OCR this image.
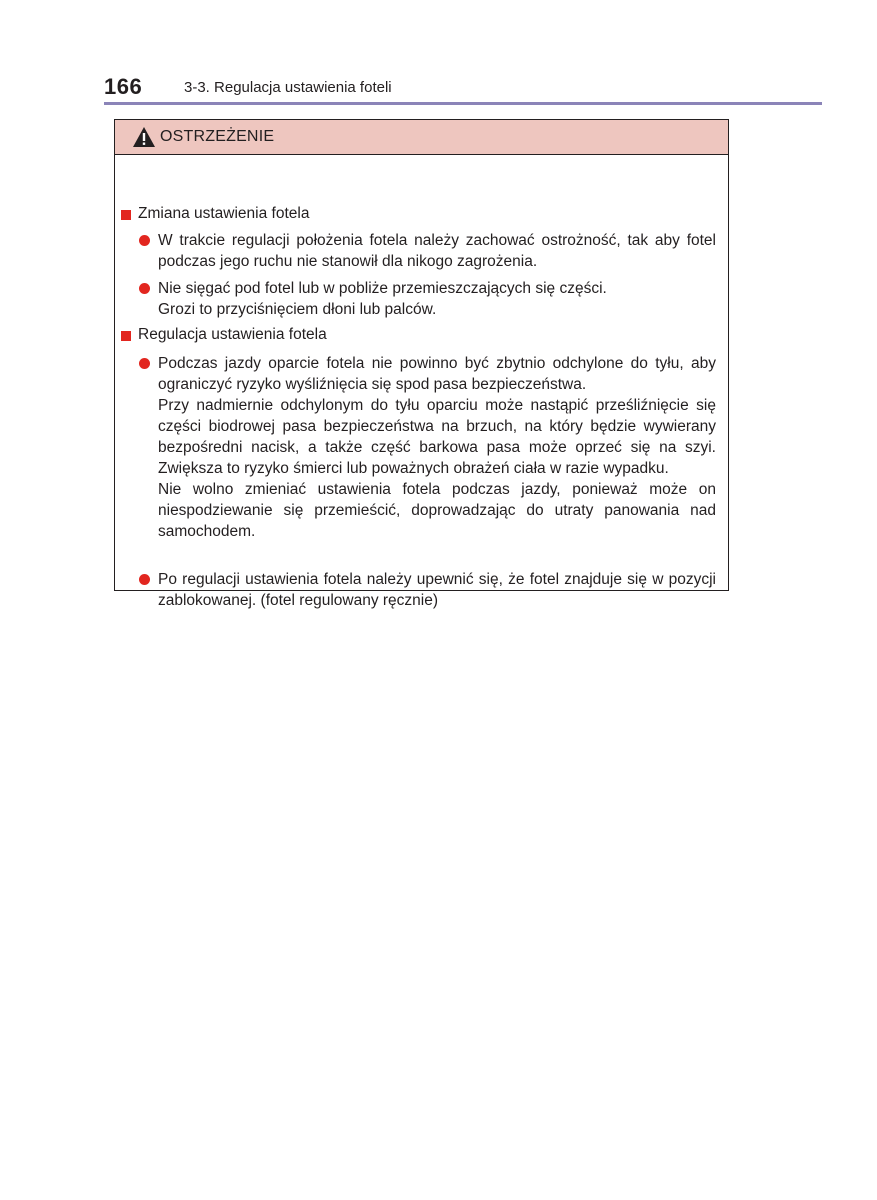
166	3-3. Regulacja ustawienia foteli
OSTRZEŻENIE
Zmiana ustawienia fotela

W trakcie regulacji położenia fotela należy zachować ostrożność, tak aby fotel podczas jego ruchu nie stanowił dla nikogo zagrożenia.

Nie sięgać pod fotel lub w pobliże przemieszczających się części.

Grozi to przyciśnięciem dłoni lub palców.

Regulacja ustawienia fotela

Podczas jazdy oparcie fotela nie powinno być zbytnio odchylone do tyłu, aby ograniczyć ryzyko wyśliźnięcia się spod pasa bezpieczeństwa.

Przy nadmiernie odchylonym do tyłu oparciu może nastąpić prześliźnięcie się części biodrowej pasa bezpieczeństwa na brzuch, na który będzie wywierany bezpośredni nacisk, a także część barkowa pasa może oprzeć się na szyi. Zwiększa to ryzyko śmierci lub poważnych obrażeń ciała w razie wypadku.

Nie wolno zmieniać ustawienia fotela podczas jazdy, ponieważ może on niespodziewanie się przemieścić, doprowadzając do utraty panowania nad samochodem.

Po regulacji ustawienia fotela należy upewnić się, że fotel znajduje się w pozycji zablokowanej. (fotel regulowany ręcznie)
